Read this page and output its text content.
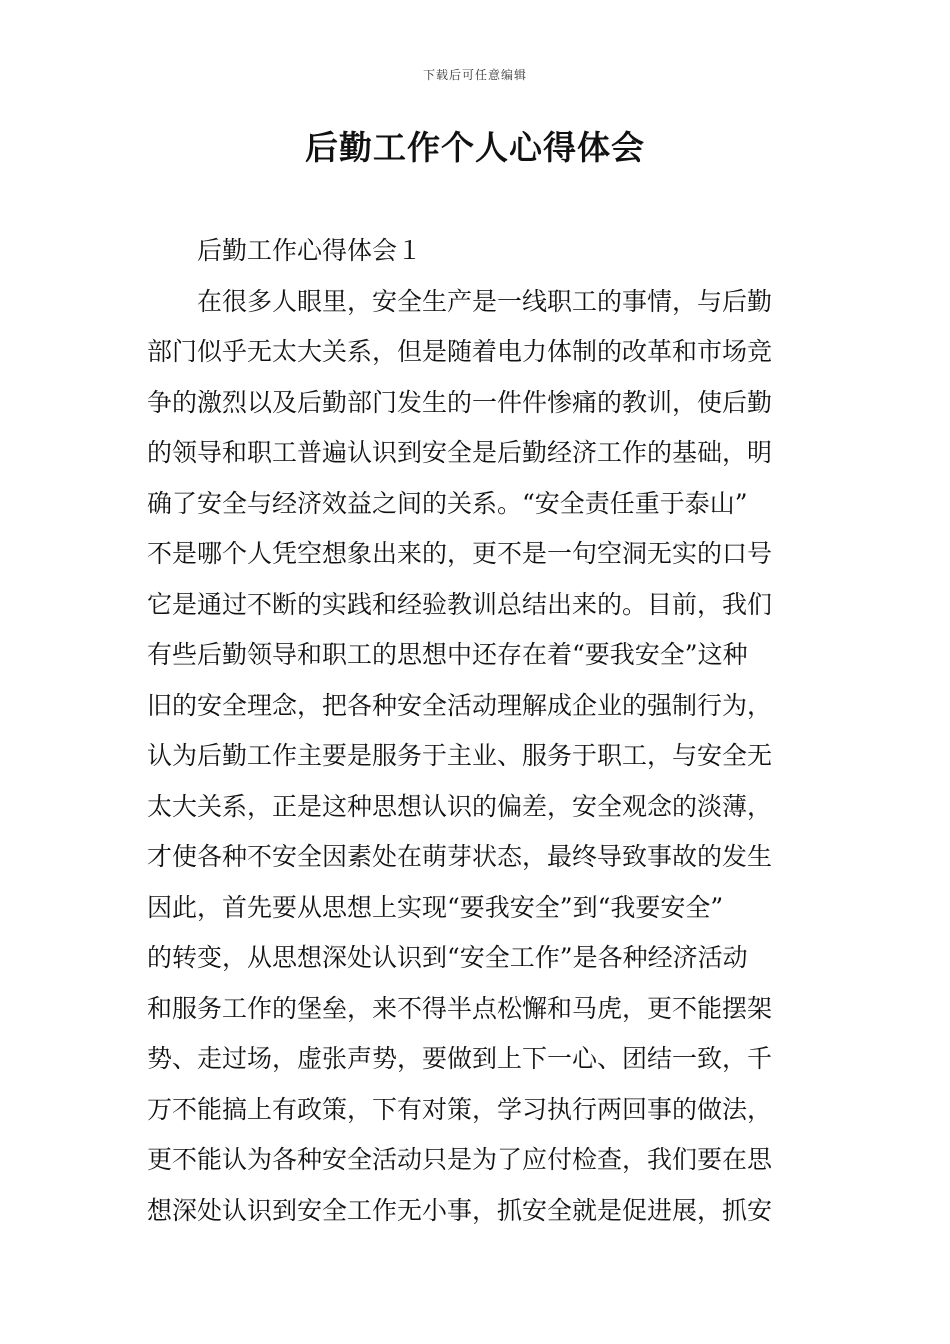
下载后可任意编辑
后勤工作个人心得体会
后勤工作心得体会１
在很多人眼里，安全生产是一线职工的事情，与后勤
部门似乎无太大关系，但是随着电力体制的改革和市场竞
争的激烈以及后勤部门发生的一件件惨痛的教训，使后勤
的领导和职工普遍认识到安全是后勤经济工作的基础，明
确了安全与经济效益之间的关系。“安全责任重于泰山”
不是哪个人凭空想象出来的，更不是一句空洞无实的口号
它是通过不断的实践和经验教训总结出来的。目前，我们
有些后勤领导和职工的思想中还存在着“要我安全”这种
旧的安全理念，把各种安全活动理解成企业的强制行为，
认为后勤工作主要是服务于主业、服务于职工，与安全无
太大关系，正是这种思想认识的偏差，安全观念的淡薄，
才使各种不安全因素处在萌芽状态，最终导致事故的发生
因此，首先要从思想上实现“要我安全”到“我要安全”
的转变，从思想深处认识到“安全工作”是各种经济活动
和服务工作的堡垒，来不得半点松懈和马虎，更不能摆架
势、走过场，虚张声势，要做到上下一心、团结一致，千
万不能搞上有政策，下有对策，学习执行两回事的做法，
更不能认为各种安全活动只是为了应付检查，我们要在思
想深处认识到安全工作无小事，抓安全就是促进展，抓安
